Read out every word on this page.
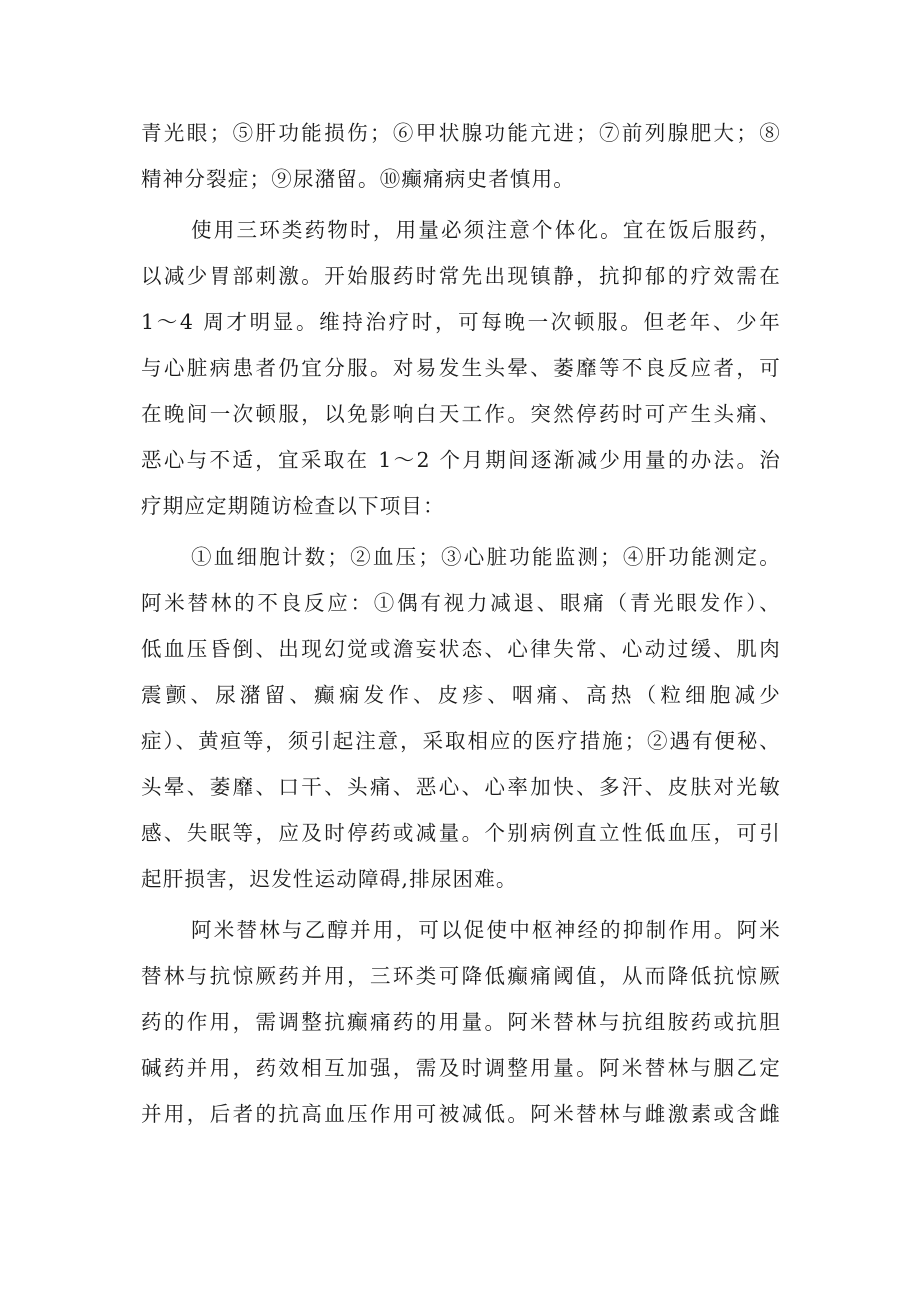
青光眼；⑤肝功能损伤；⑥甲状腺功能亢进；⑦前列腺肥大；⑧
精神分裂症；⑨尿潴留。⑩癫痛病史者慎用。
使用三环类药物时，用量必须注意个体化。宜在饭后服药，
以减少胃部刺激。开始服药时常先出现镇静，抗抑郁的疗效需在
1～4 周才明显。维持治疗时，可每晚一次顿服。但老年、少年
与心脏病患者仍宜分服。对易发生头晕、萎靡等不良反应者，可
在晚间一次顿服，以免影响白天工作。突然停药时可产生头痛、
恶心与不适，宜采取在 1～2 个月期间逐渐减少用量的办法。治
疗期应定期随访检查以下项目：
①血细胞计数；②血压；③心脏功能监测；④肝功能测定。
阿米替林的不良反应：①偶有视力减退、眼痛（青光眼发作）、
低血压昏倒、出现幻觉或澹妄状态、心律失常、心动过缓、肌肉
震颤、尿潴留、癫痫发作、皮疹、咽痛、高热（粒细胞减少
症）、黄疸等，须引起注意，采取相应的医疗措施；②遇有便秘、
头晕、萎靡、口干、头痛、恶心、心率加快、多汗、皮肤对光敏
感、失眠等，应及时停药或减量。个别病例直立性低血压，可引
起肝损害，迟发性运动障碍,排尿困难。
阿米替林与乙醇并用，可以促使中枢神经的抑制作用。阿米
替林与抗惊厥药并用，三环类可降低癫痛阈值，从而降低抗惊厥
药的作用，需调整抗癫痛药的用量。阿米替林与抗组胺药或抗胆
碱药并用，药效相互加强，需及时调整用量。阿米替林与胭乙定
并用，后者的抗高血压作用可被减低。阿米替林与雌激素或含雌
